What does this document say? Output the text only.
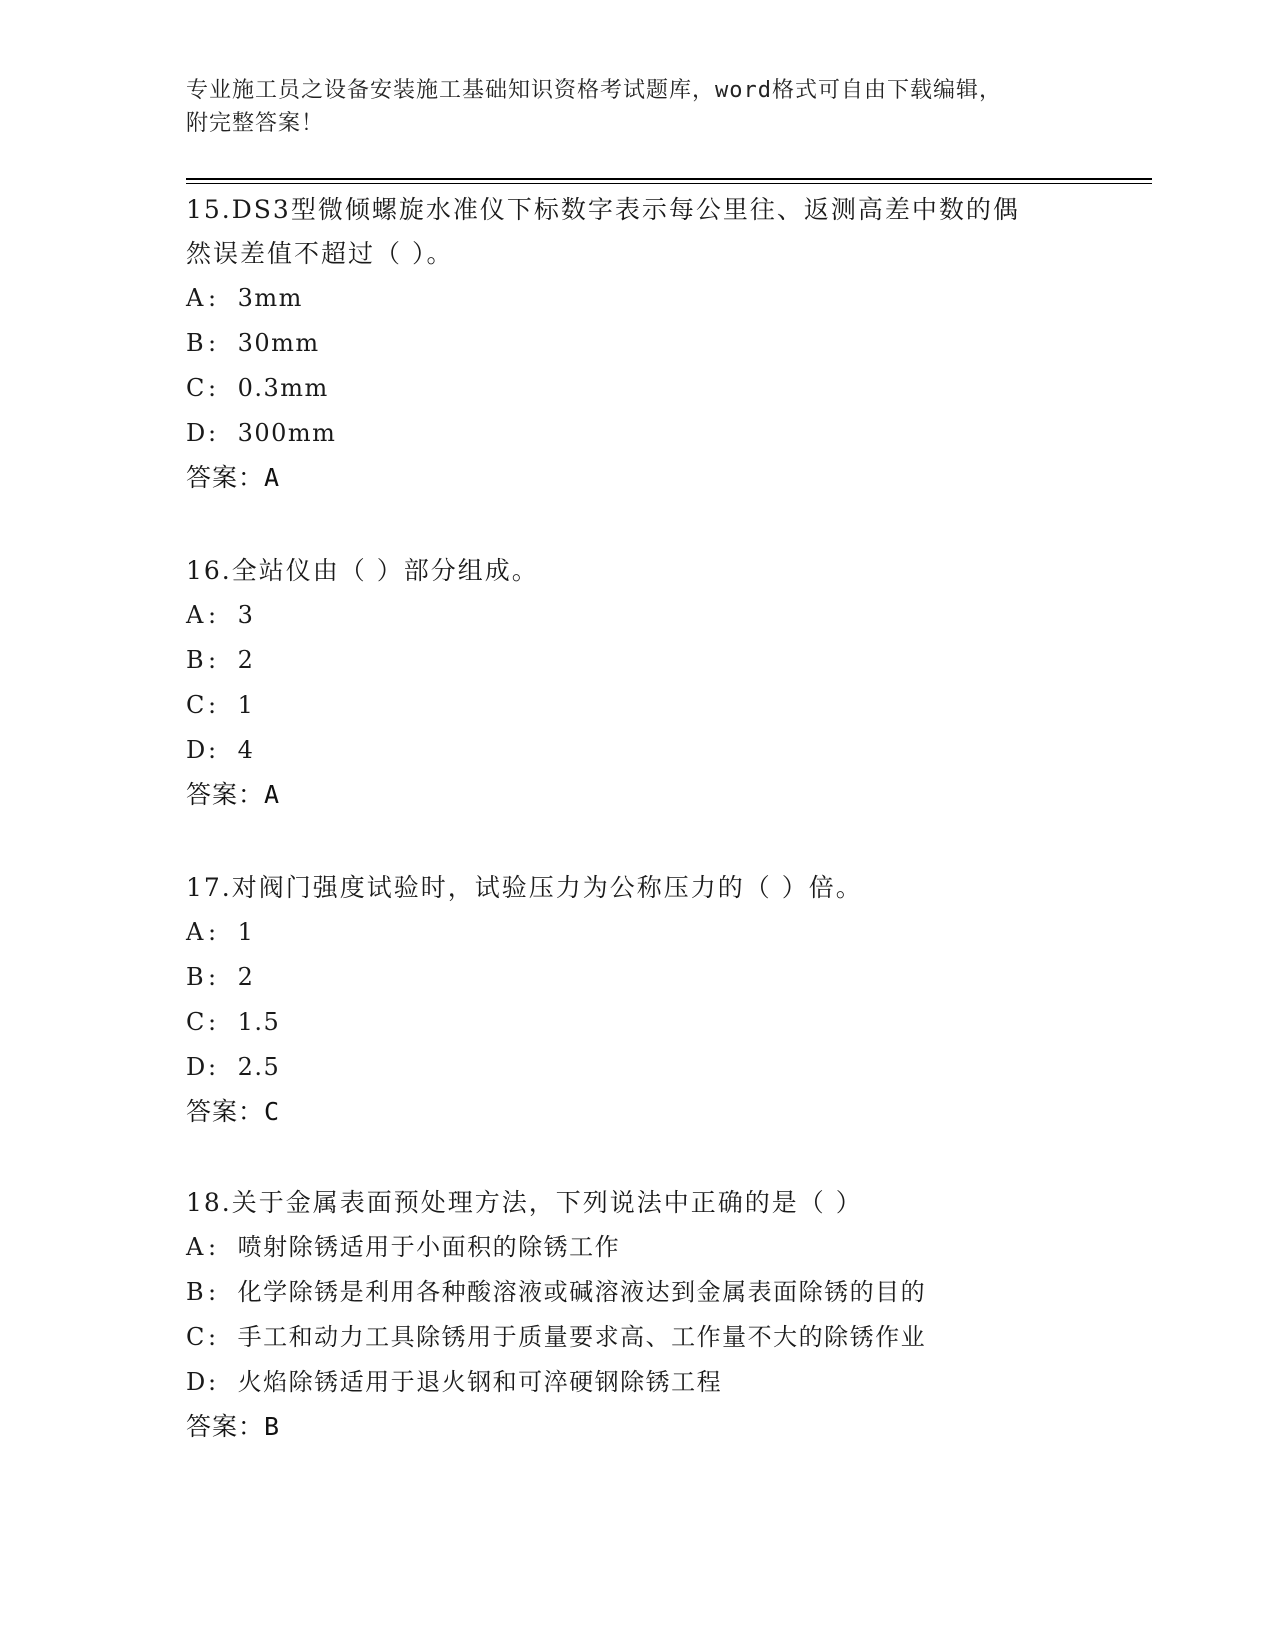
专业施工员之设备安装施工基础知识资格考试题库，word格式可自由下载编辑，
附完整答案！
15.DS3型微倾螺旋水准仪下标数字表示每公里往、返测高差中数的偶
然误差值不超过（ ）。
A : 3mm
B : 30mm
C: 0.3mm
D: 300mm
答案：A
16.全站仪由（ ）部分组成。
A : 3
B : 2
C: 1
D: 4
答案：A
17.对阀门强度试验时，试验压力为公称压力的（ ）倍。
A : 1
B : 2
C: 1.5
D: 2.5
答案：C
18.关于金属表面预处理方法，下列说法中正确的是（ ）
A : 喷射除锈适用于小面积的除锈工作
B : 化学除锈是利用各种酸溶液或碱溶液达到金属表面除锈的目的
C: 手工和动力工具除锈用于质量要求高、工作量不大的除锈作业
D: 火焰除锈适用于退火钢和可淬硬钢除锈工程
答案：B
